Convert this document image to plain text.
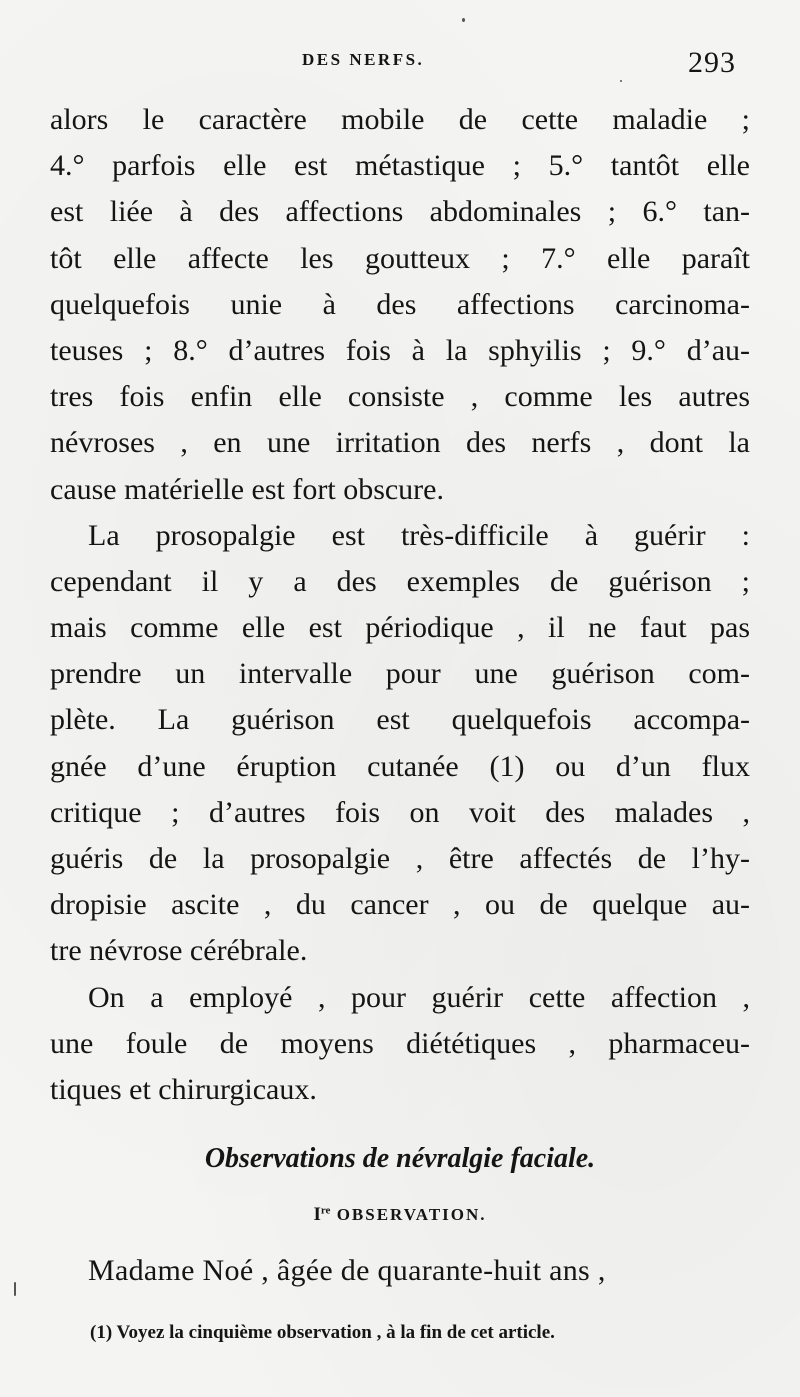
DES NERFS.	293
alors le caractère mobile de cette maladie ;
4.° parfois elle est métastique ; 5.° tantôt elle
est liée à des affections abdominales ; 6.° tan-
tôt elle affecte les goutteux ; 7.° elle paraît
quelquefois unie à des affections carcinoma-
teuses ; 8.° d’autres fois à la sphyilis ; 9.° d’au-
tres fois enfin elle consiste , comme les autres
névroses , en une irritation des nerfs , dont la
cause matérielle est fort obscure.
La prosopalgie est très-difficile à guérir :
cependant il y a des exemples de guérison ;
mais comme elle est périodique , il ne faut pas
prendre un intervalle pour une guérison com-
plète. La guérison est quelquefois accompa-
gnée d’une éruption cutanée (1) ou d’un flux
critique ; d’autres fois on voit des malades ,
guéris de la prosopalgie , être affectés de l’hy-
dropisie ascite , du cancer , ou de quelque au-
tre névrose cérébrale.
On a employé , pour guérir cette affection ,
une foule de moyens diététiques , pharmaceu-
tiques et chirurgicaux.
Observations de névralgie faciale.
Ire OBSERVATION.
Madame Noé , âgée de quarante-huit ans ,
(1) Voyez la cinquième observation , à la fin de cet article.
